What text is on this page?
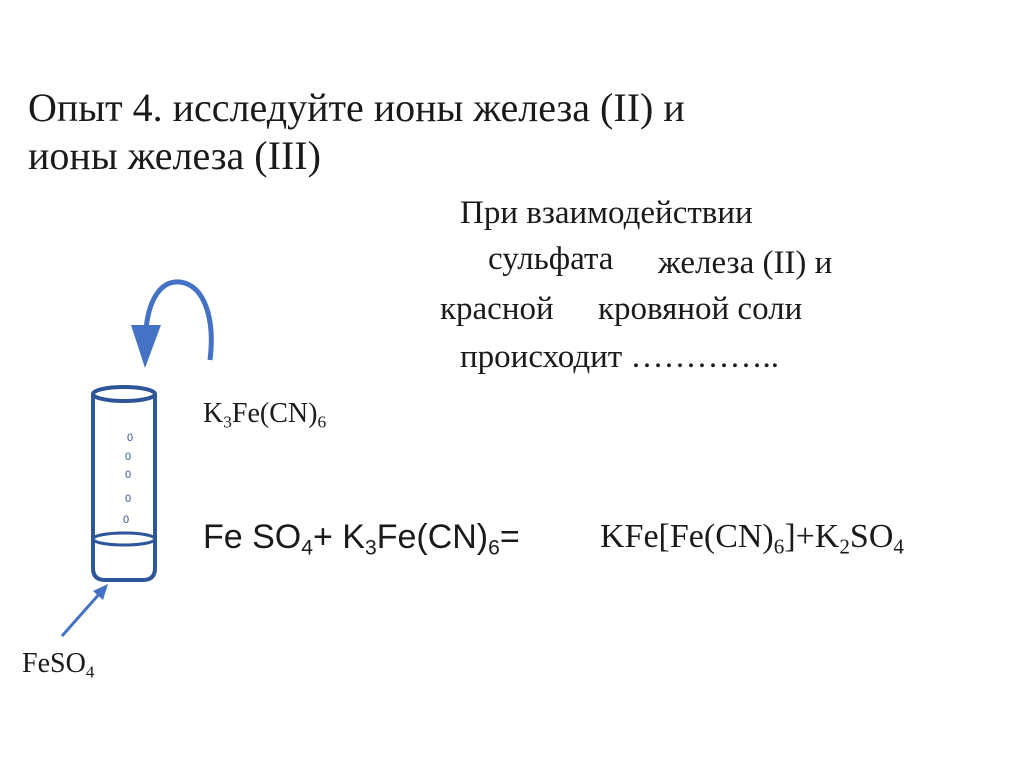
Опыт 4. исследуйте ионы железа (II) и
ионы железа (III)
При взаимодействии
сульфата железа (II) и
красной кровяной соли
происходит …………..
0
0
0
0
0
$K_3Fe(CN)_6$
FeSO$_4$
Fe $SO_4+ K_3Fe(CN)_6= KFe[Fe(CN)_6]+K_2SO_4$
